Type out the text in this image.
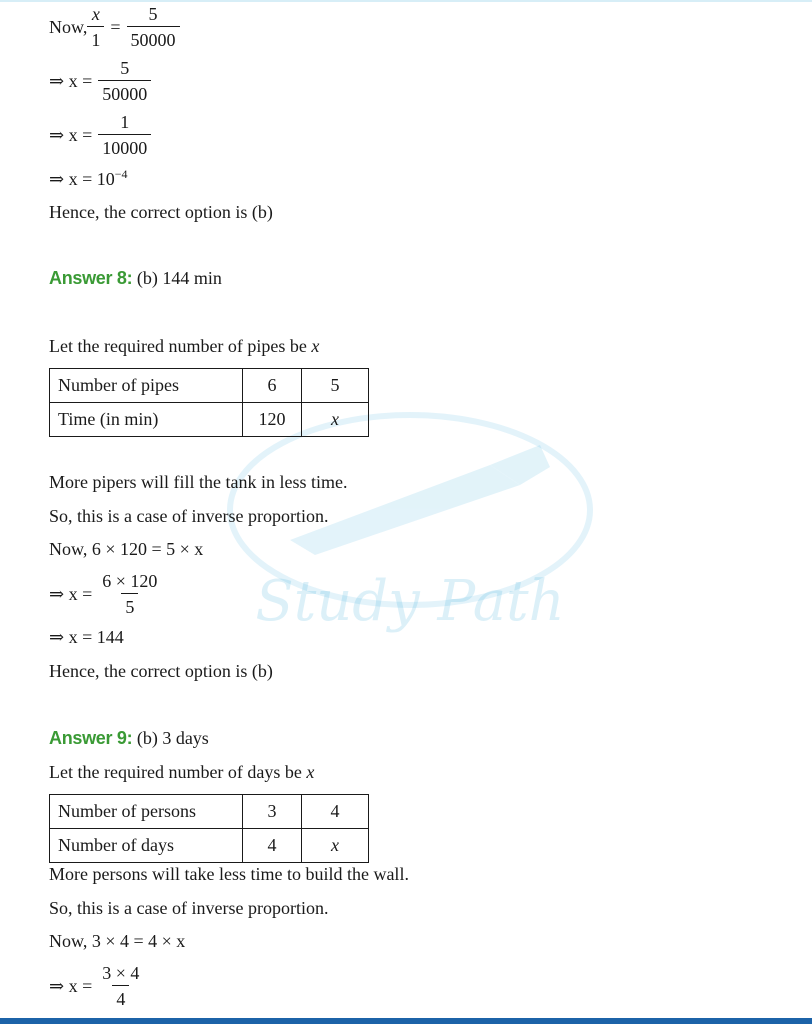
Study Path
Now, $\frac{x}{1} = \frac{5}{50000}$
⇒ $x = \frac{5}{50000}$
⇒ $x = \frac{1}{10000}$
⇒ $x = 10^{-4}$
Hence, the correct option is (b)
Answer 8: (b) 144 min
Let the required number of pipes be x
Number of pipes	6	5
Time (in min)	120	x
More pipers will fill the tank in less time.
So, this is a case of inverse proportion.
Now, 6 × 120 = 5 × x
⇒ $x = \frac{6 \times 120}{5}$
⇒ x = 144
Hence, the correct option is (b)
Answer 9: (b) 3 days
Let the required number of days be x
Number of persons	3	4
Number of days	4	x
More persons will take less time to build the wall.
So, this is a case of inverse proportion.
Now, 3 × 4 = 4 × x
⇒ $x = \frac{3 \times 4}{4}$
